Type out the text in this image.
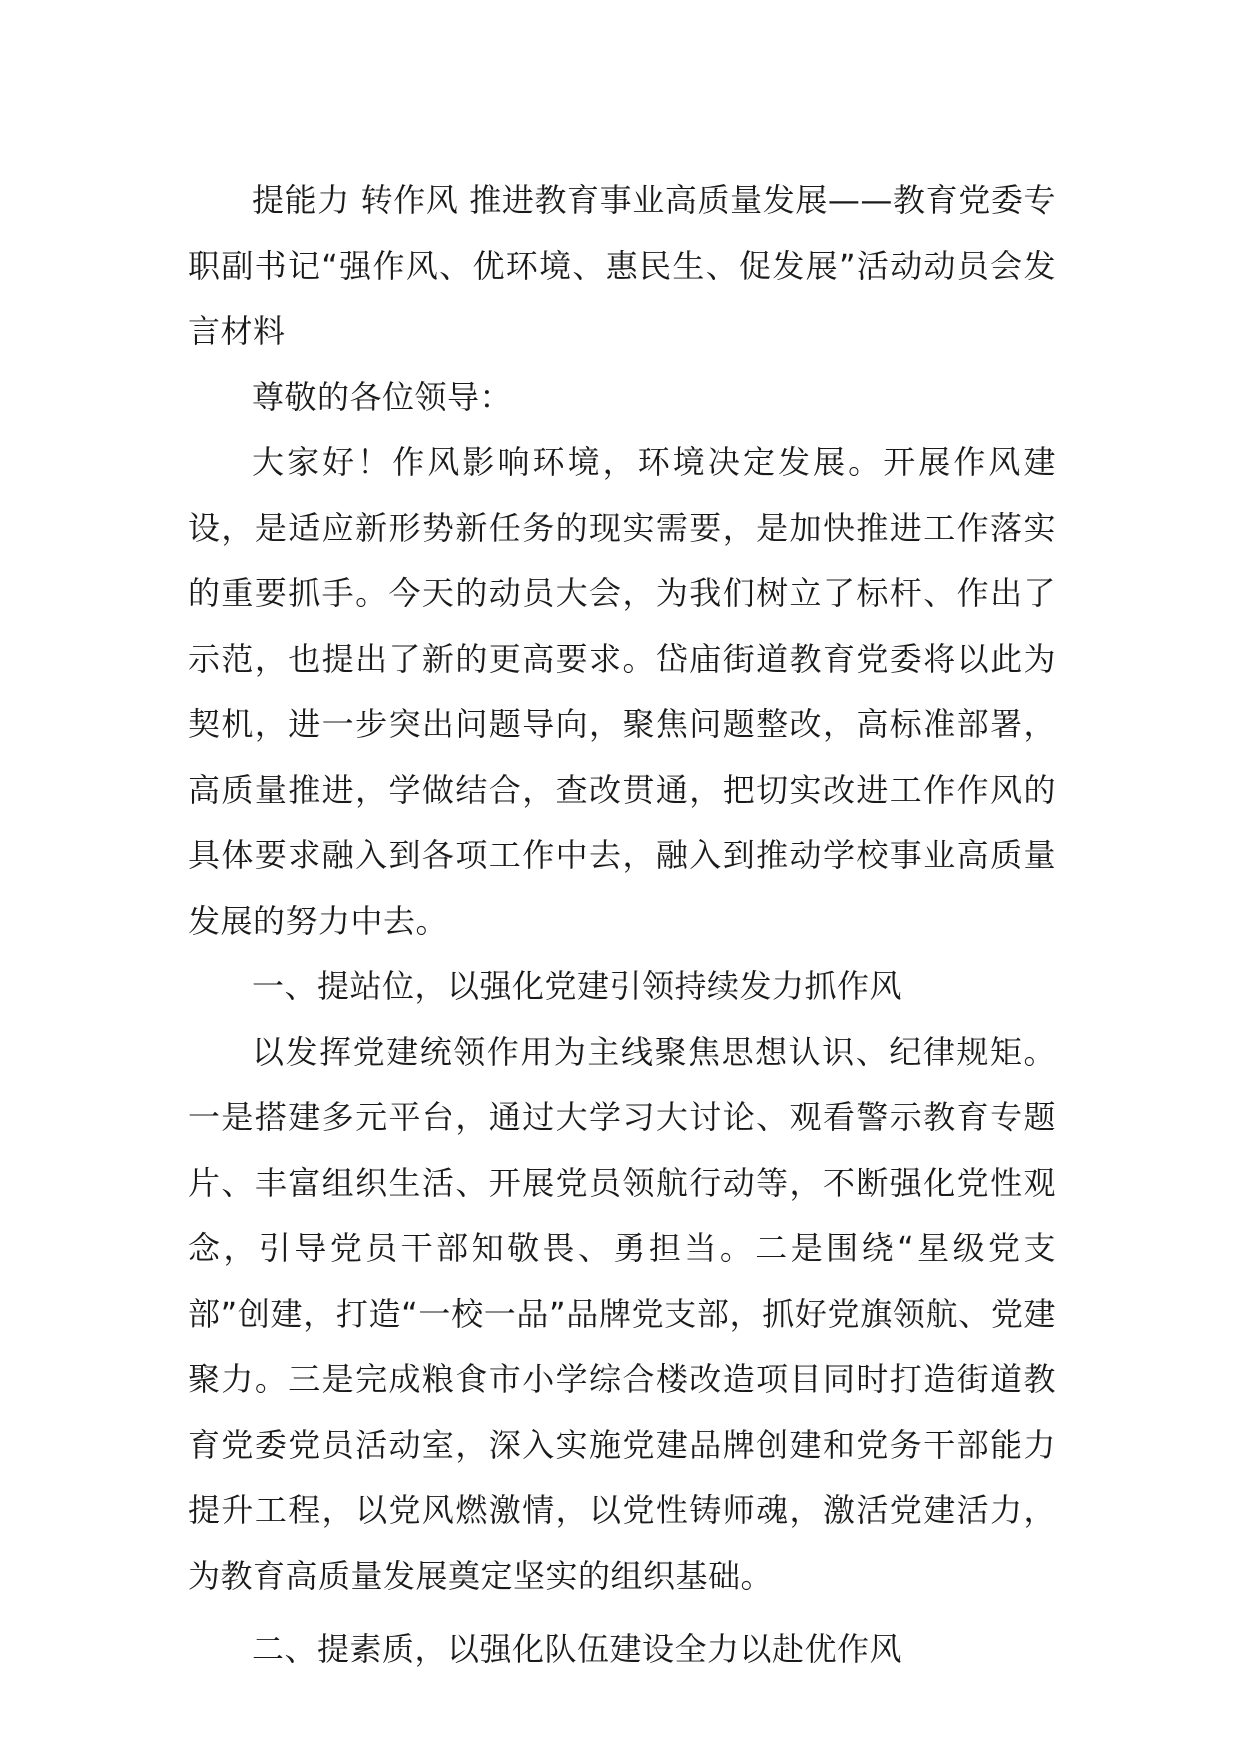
提能力 转作风 推进教育事业高质量发展——教育党委专职副书记“强作风、优环境、惠民生、促发展”活动动员会发言材料

尊敬的各位领导：

大家好！作风影响环境，环境决定发展。开展作风建设，是适应新形势新任务的现实需要，是加快推进工作落实的重要抓手。今天的动员大会，为我们树立了标杆、作出了示范，也提出了新的更高要求。岱庙街道教育党委将以此为契机，进一步突出问题导向，聚焦问题整改，高标准部署，高质量推进，学做结合，查改贯通，把切实改进工作作风的具体要求融入到各项工作中去，融入到推动学校事业高质量发展的努力中去。

一、提站位，以强化党建引领持续发力抓作风

以发挥党建统领作用为主线聚焦思想认识、纪律规矩。一是搭建多元平台，通过大学习大讨论、观看警示教育专题片、丰富组织生活、开展党员领航行动等，不断强化党性观念，引导党员干部知敬畏、勇担当。二是围绕“星级党支部”创建，打造“一校一品”品牌党支部，抓好党旗领航、党建聚力。三是完成粮食市小学综合楼改造项目同时打造街道教育党委党员活动室，深入实施党建品牌创建和党务干部能力提升工程，以党风燃激情，以党性铸师魂，激活党建活力，为教育高质量发展奠定坚实的组织基础。

二、提素质，以强化队伍建设全力以赴优作风
